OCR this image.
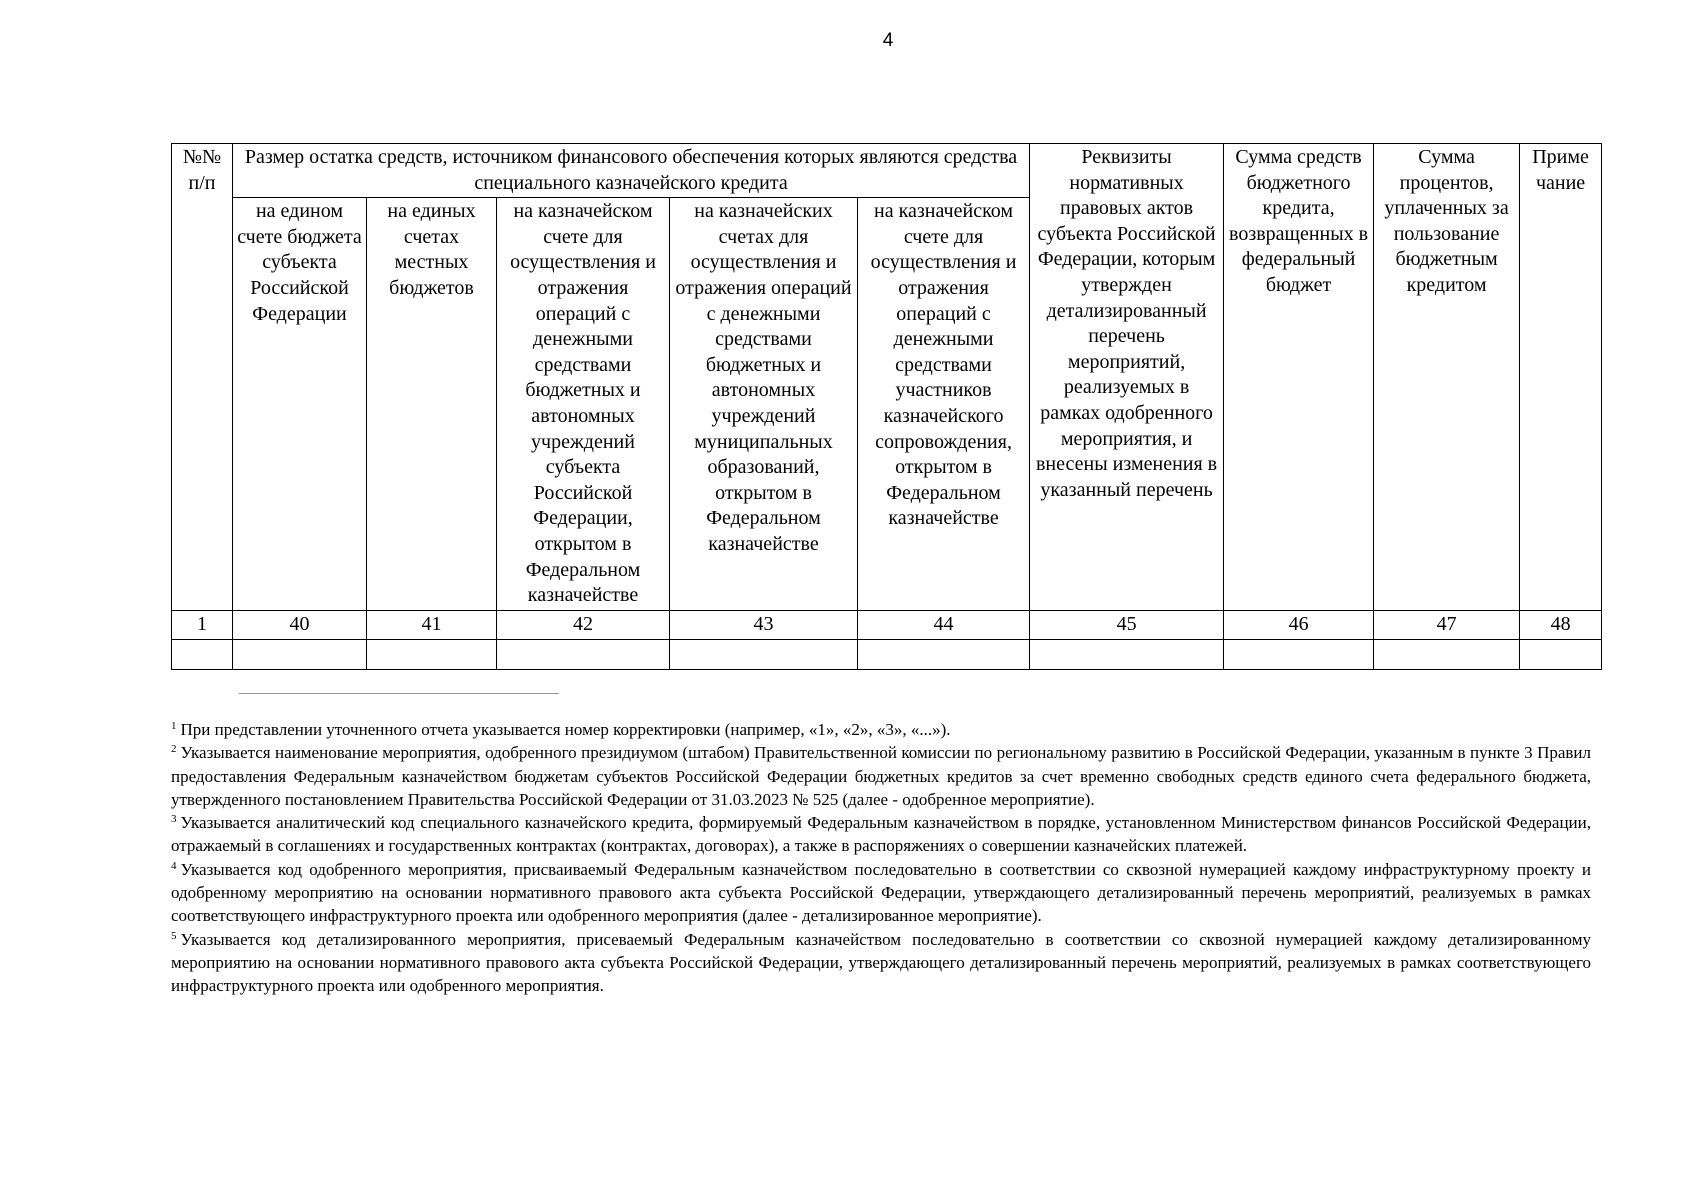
4
№№ п/п	Размер остатка средств, источником финансового обеспечения которых являются средства специального казначейского кредита					Реквизиты нормативных правовых актов субъекта Российской Федерации, которым утвержден детализированный перечень мероприятий, реализуемых в рамках одобренного мероприятия, и внесены изменения в указанный перечень	Сумма средств бюджетного кредита, возвращенных в федеральный бюджет	Сумма процентов, уплаченных за пользование бюджетным кредитом	Приме чание
	на едином счете бюджета субъекта Российской Федерации	на единых счетах местных бюджетов	на казначейском счете для осуществления и отражения операций с денежными средствами бюджетных и автономных учреждений субъекта Российской Федерации, открытом в Федеральном казначействе	на казначейских счетах для осуществления и отражения операций с денежными средствами бюджетных и автономных учреждений муниципальных образований, открытом в Федеральном казначействе	на казначейском счете для осуществления и отражения операций с денежными средствами участников казначейского сопровождения, открытом в Федеральном казначействе				
1	40	41	42	43	44	45	46	47	48

$^1$ При представлении уточненного отчета указывается номер корректировки (например, «1», «2», «3», «...»).

$^2$ Указывается наименование мероприятия, одобренного президиумом (штабом) Правительственной комиссии по региональному развитию в Российской Федерации, указанным в пункте 3 Правил предоставления Федеральным казначейством бюджетам субъектов Российской Федерации бюджетных кредитов за счет временно свободных средств единого счета федерального бюджета, утвержденного постановлением Правительства Российской Федерации от 31.03.2023 № 525 (далее - одобренное мероприятие).

$^3$ Указывается аналитический код специального казначейского кредита, формируемый Федеральным казначейством в порядке, установленном Министерством финансов Российской Федерации, отражаемый в соглашениях и государственных контрактах (контрактах, договорах), а также в распоряжениях о совершении казначейских платежей.

$^4$ Указывается код одобренного мероприятия, присваиваемый Федеральным казначейством последовательно в соответствии со сквозной нумерацией каждому инфраструктурному проекту и одобренному мероприятию на основании нормативного правового акта субъекта Российской Федерации, утверждающего детализированный перечень мероприятий, реализуемых в рамках соответствующего инфраструктурного проекта или одобренного мероприятия (далее - детализированное мероприятие).

$^5$ Указывается код детализированного мероприятия, присеваемый Федеральным казначейством последовательно в соответствии со сквозной нумерацией каждому детализированному мероприятию на основании нормативного правового акта субъекта Российской Федерации, утверждающего детализированный перечень мероприятий, реализуемых в рамках соответствующего инфраструктурного проекта или одобренного мероприятия.
